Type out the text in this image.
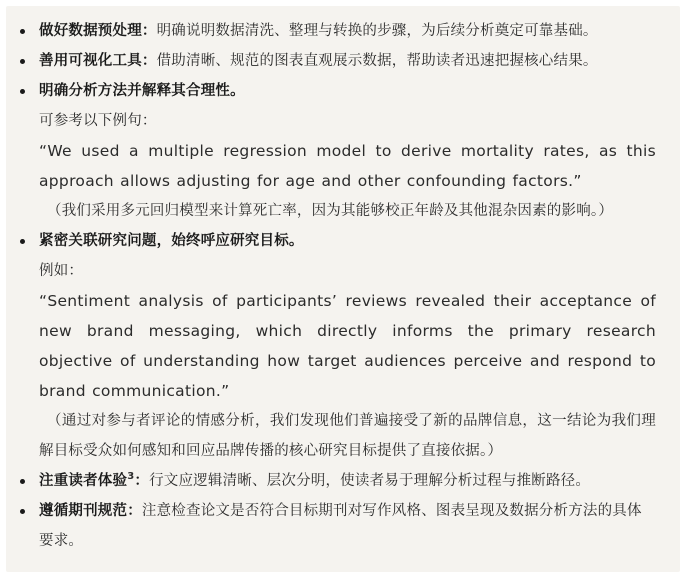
做好数据预处理：明确说明数据清洗、整理与转换的步骤，为后续分析奠定可靠基础。
善用可视化工具：借助清晰、规范的图表直观展示数据，帮助读者迅速把握核心结果。
明确分析方法并解释其合理性。
可参考以下例句：
“We used a multiple regression model to derive mortality rates, as this approach allows adjusting for age and other confounding factors.”
（我们采用多元回归模型来计算死亡率，因为其能够校正年龄及其他混杂因素的影响。）
紧密关联研究问题，始终呼应研究目标。
例如：
“Sentiment analysis of participants’ reviews revealed their acceptance of new brand messaging, which directly informs the primary research objective of understanding how target audiences perceive and respond to brand communication.”
（通过对参与者评论的情感分析，我们发现他们普遍接受了新的品牌信息，这一结论为我们理解目标受众如何感知和回应品牌传播的核心研究目标提供了直接依据。）
注重读者体验$^3$：行文应逻辑清晰、层次分明，使读者易于理解分析过程与推断路径。
遵循期刊规范：注意检查论文是否符合目标期刊对写作风格、图表呈现及数据分析方法的具体要求。
